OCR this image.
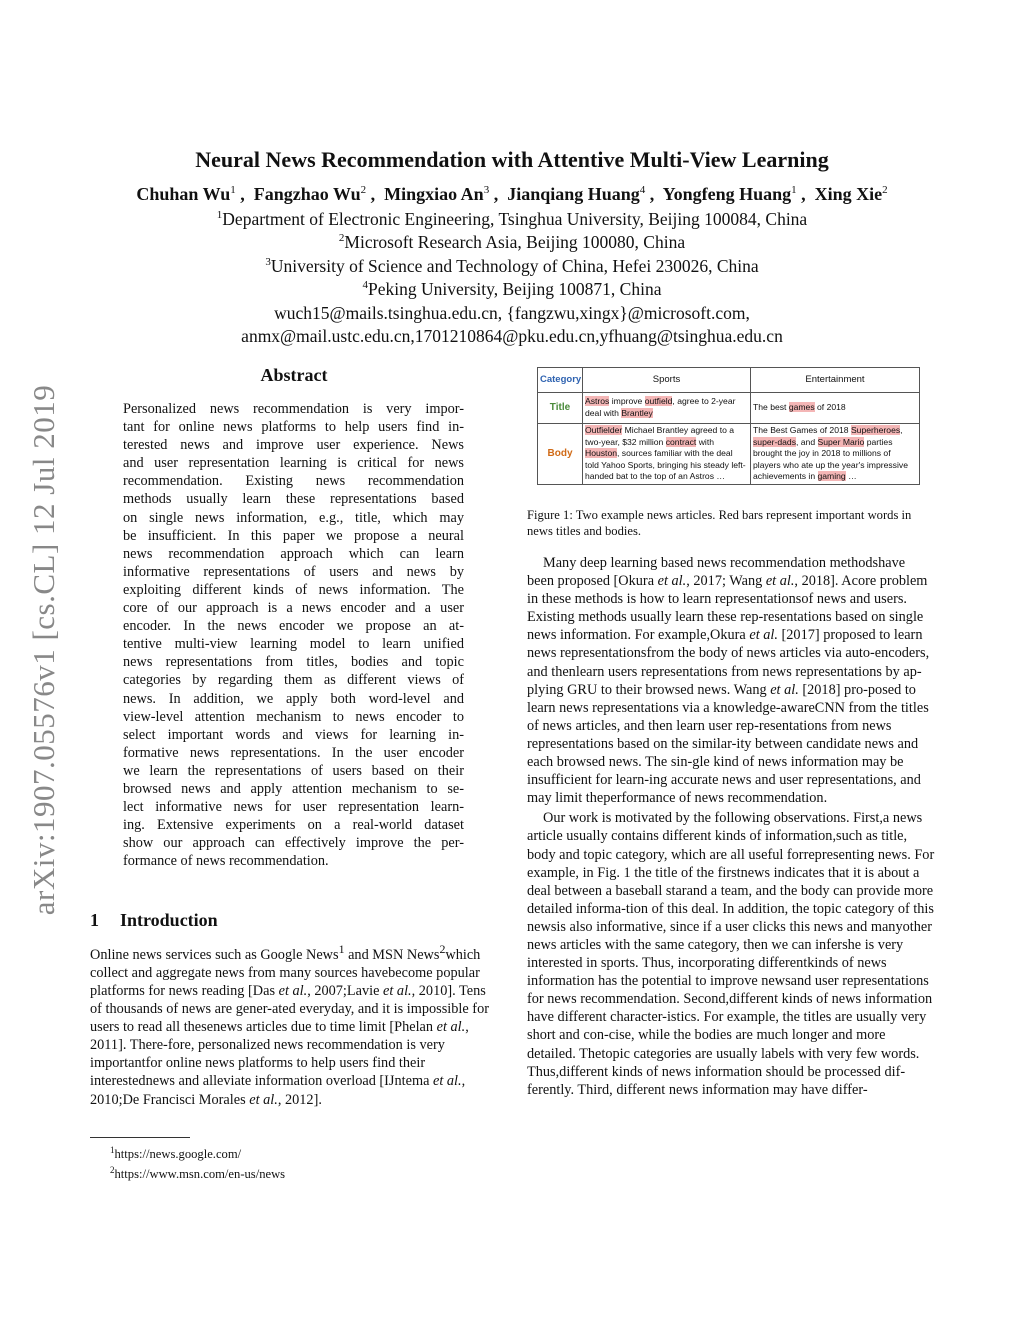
Neural News Recommendation with Attentive Multi-View Learning
Chuhan Wu$^1$ ,  Fangzhao Wu$^2$ ,  Mingxiao An$^3$ ,  Jianqiang Huang$^4$ ,  Yongfeng Huang$^1$ ,  Xing Xie$^2$
$^1$Department of Electronic Engineering, Tsinghua University, Beijing 100084, China
$^2$Microsoft Research Asia, Beijing 100080, China
$^3$University of Science and Technology of China, Hefei 230026, China
$^4$Peking University, Beijing 100871, China
wuch15@mails.tsinghua.edu.cn, {fangzwu,xingx}@microsoft.com,
anmx@mail.ustc.edu.cn,1701210864@pku.edu.cn,yfhuang@tsinghua.edu.cn
arXiv:1907.05576v1 [cs.CL] 12 Jul 2019
Abstract
Personalized news recommendation is very impor-
tant for online news platforms to help users find in-
terested news and improve user experience. News
and user representation learning is critical for news
recommendation. Existing news recommendation
methods usually learn these representations based
on single news information, e.g., title, which may
be insufficient. In this paper we propose a neural
news recommendation approach which can learn
informative representations of users and news by
exploiting different kinds of news information. The
core of our approach is a news encoder and a user
encoder. In the news encoder we propose an at-
tentive multi-view learning model to learn unified
news representations from titles, bodies and topic
categories by regarding them as different views of
news. In addition, we apply both word-level and
view-level attention mechanism to news encoder to
select important words and views for learning in-
formative news representations. In the user encoder
we learn the representations of users based on their
browsed news and apply attention mechanism to se-
lect informative news for user representation learn-
ing. Extensive experiments on a real-world dataset
show our approach can effectively improve the per-
formance of news recommendation.
1 Introduction
Online news services such as Google News$^1$ and MSN News$^2$which collect and aggregate news from many sources havebecome popular platforms for news reading [Das et al., 2007;Lavie et al., 2010]. Tens of thousands of news are gener-ated everyday, and it is impossible for users to read all thesenews articles due to time limit [Phelan et al., 2011]. There-fore, personalized news recommendation is very importantfor online news platforms to help users find their interestednews and alleviate information overload [IJntema et al., 2010;De Francisci Morales et al., 2012].
$^1$https://news.google.com/
$^2$https://www.msn.com/en-us/news
Category	Sports	Entertainment
Title	Astros improve outfield, agree to 2-year deal with Brantley	The best games of 2018
Body	Outfielder Michael Brantley agreed to a two-year, $32 million contract with Houston, sources familiar with the deal told Yahoo Sports, bringing his steady left-handed bat to the top of an Astros …	The Best Games of 2018 Superheroes, super-dads, and Super Mario parties brought the joy in 2018 to millions of players who ate up the year's impressive achievements in gaming …
Figure 1: Two example news articles. Red bars represent important words in news titles and bodies.
Many deep learning based news recommendation methodshave been proposed [Okura et al., 2017; Wang et al., 2018]. Acore problem in these methods is how to learn representationsof news and users. Existing methods usually learn these rep-resentations based on single news information. For example,Okura et al. [2017] proposed to learn news representationsfrom the body of news articles via auto-encoders, and thenlearn users representations from news representations by ap-plying GRU to their browsed news. Wang et al. [2018] pro-posed to learn news representations via a knowledge-awareCNN from the titles of news articles, and then learn user rep-resentations from news representations based on the similar-ity between candidate news and each browsed news. The sin-gle kind of news information may be insufficient for learn-ing accurate news and user representations, and may limit theperformance of news recommendation.
Our work is motivated by the following observations. First,a news article usually contains different kinds of information,such as title, body and topic category, which are all useful forrepresenting news. For example, in Fig. 1 the title of the firstnews indicates that it is about a deal between a baseball starand a team, and the body can provide more detailed informa-tion of this deal. In addition, the topic category of this newsis also informative, since if a user clicks this news and manyother news articles with the same category, then we can infershe is very interested in sports. Thus, incorporating differentkinds of news information has the potential to improve newsand user representations for news recommendation. Second,different kinds of news information have different character-istics. For example, the titles are usually very short and con-cise, while the bodies are much longer and more detailed. Thetopic categories are usually labels with very few words. Thus,different kinds of news information should be processed dif-ferently. Third, different news information may have differ-
